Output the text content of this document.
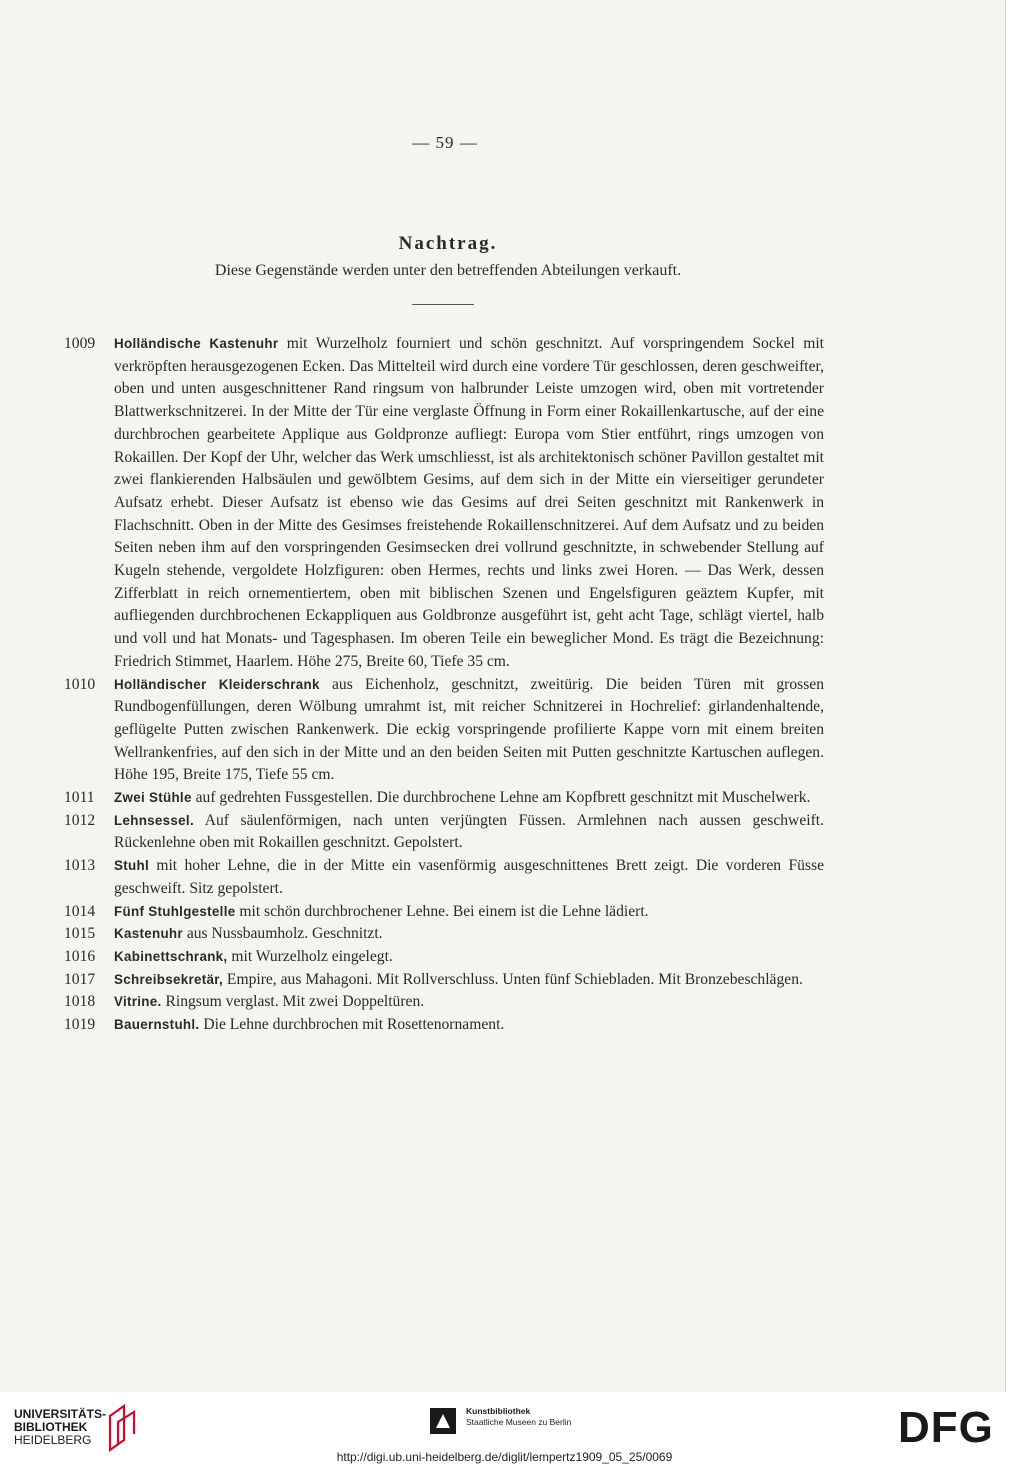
— 59 —
Nachtrag.
Diese Gegenstände werden unter den betreffenden Abteilungen verkauft.

1009	Holländische Kastenuhr mit Wurzelholz fourniert und schön geschnitzt. Auf vorspringendem Sockel mit verkröpften herausgezogenen Ecken. Das Mittelteil wird durch eine vordere Tür geschlossen, deren geschweifter, oben und unten ausgeschnittener Rand ringsum von halbrunder Leiste umzogen wird, oben mit vortretender Blattwerkschnitzerei. In der Mitte der Tür eine verglaste Öffnung in Form einer Rokaillenkartusche, auf der eine durchbrochen gearbeitete Applique aus Goldpronze aufliegt: Europa vom Stier entführt, rings umzogen von Rokaillen. Der Kopf der Uhr, welcher das Werk umschliesst, ist als architektonisch schöner Pavillon gestaltet mit zwei flankierenden Halbsäulen und gewölbtem Gesims, auf dem sich in der Mitte ein vierseitiger gerundeter Aufsatz erhebt. Dieser Aufsatz ist ebenso wie das Gesims auf drei Seiten geschnitzt mit Rankenwerk in Flachschnitt. Oben in der Mitte des Gesimses freistehende Rokaillenschnitzerei. Auf dem Aufsatz und zu beiden Seiten neben ihm auf den vorspringenden Gesimsecken drei vollrund geschnitzte, in schwebender Stellung auf Kugeln stehende, vergoldete Holzfiguren: oben Hermes, rechts und links zwei Horen. — Das Werk, dessen Zifferblatt in reich ornementiertem, oben mit biblischen Szenen und Engelsfiguren geäztem Kupfer, mit aufliegenden durchbrochenen Eckappliquen aus Goldbronze ausgeführt ist, geht acht Tage, schlägt viertel, halb und voll und hat Monats- und Tagesphasen. Im oberen Teile ein beweglicher Mond. Es trägt die Bezeichnung: Friedrich Stimmet, Haarlem. Höhe 275, Breite 60, Tiefe 35 cm.

1010	Holländischer Kleiderschrank aus Eichenholz, geschnitzt, zweitürig. Die beiden Türen mit grossen Rundbogenfüllungen, deren Wölbung umrahmt ist, mit reicher Schnitzerei in Hochrelief: girlandenhaltende, geflügelte Putten zwischen Rankenwerk. Die eckig vorspringende profilierte Kappe vorn mit einem breiten Wellrankenfries, auf den sich in der Mitte und an den beiden Seiten mit Putten geschnitzte Kartuschen auflegen. Höhe 195, Breite 175, Tiefe 55 cm.

1011	Zwei Stühle auf gedrehten Fussgestellen. Die durchbrochene Lehne am Kopfbrett geschnitzt mit Muschelwerk.

1012	Lehnsessel. Auf säulenförmigen, nach unten verjüngten Füssen. Armlehnen nach aussen geschweift. Rückenlehne oben mit Rokaillen geschnitzt. Gepolstert.

1013	Stuhl mit hoher Lehne, die in der Mitte ein vasenförmig ausgeschnittenes Brett zeigt. Die vorderen Füsse geschweift. Sitz gepolstert.

1014	Fünf Stuhlgestelle mit schön durchbrochener Lehne. Bei einem ist die Lehne lädiert.

1015	Kastenuhr aus Nussbaumholz. Geschnitzt.

1016	Kabinettschrank, mit Wurzelholz eingelegt.

1017	Schreibsekretär, Empire, aus Mahagoni. Mit Rollverschluss. Unten fünf Schiebladen. Mit Bronzebeschlägen.

1018	Vitrine. Ringsum verglast. Mit zwei Doppeltüren.

1019	Bauernstuhl. Die Lehne durchbrochen mit Rosettenornament.

UNIVERSITÄTS-
BIBLIOTHEK
HEIDELBERG
Kunstbibliothek
Staatliche Museen zu Berlin	DFG
http://digi.ub.uni-heidelberg.de/diglit/lempertz1909_05_25/0069
